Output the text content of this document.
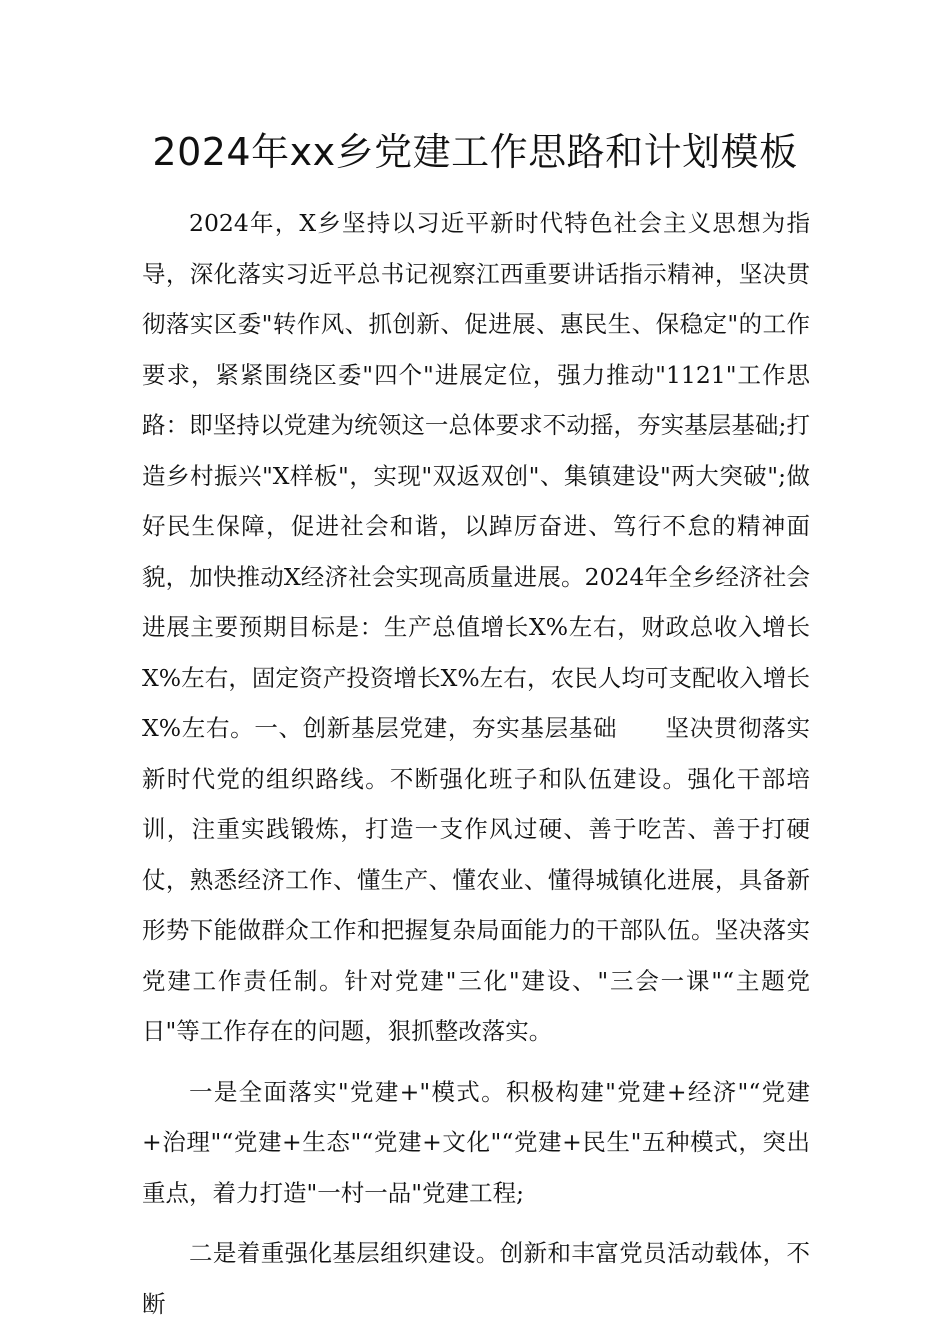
2024年xx乡党建工作思路和计划模板

2024年，X乡坚持以习近平新时代特色社会主义思想为指导，深化落实习近平总书记视察江西重要讲话指示精神，坚决贯彻落实区委"转作风、抓创新、促进展、惠民生、保稳定"的工作要求，紧紧围绕区委"四个"进展定位，强力推动"1121"工作思路：即坚持以党建为统领这一总体要求不动摇，夯实基层基础;打造乡村振兴"X样板"，实现"双返双创"、集镇建设"两大突破";做好民生保障，促进社会和谐，以踔厉奋进、笃行不怠的精神面貌，加快推动X经济社会实现高质量进展。2024年全乡经济社会进展主要预期目标是：生产总值增长X%左右，财政总收入增长X%左右，固定资产投资增长X%左右，农民人均可支配收入增长X%左右。一、创新基层党建，夯实基层基础　　坚决贯彻落实新时代党的组织路线。不断强化班子和队伍建设。强化干部培训，注重实践锻炼，打造一支作风过硬、善于吃苦、善于打硬仗，熟悉经济工作、懂生产、懂农业、懂得城镇化进展，具备新形势下能做群众工作和把握复杂局面能力的干部队伍。坚决落实党建工作责任制。针对党建"三化"建设、"三会一课"“主题党日"等工作存在的问题，狠抓整改落实。

一是全面落实"党建+"模式。积极构建"党建+经济"“党建+治理"“党建+生态"“党建+文化"“党建+民生"五种模式，突出重点，着力打造"一村一品"党建工程;

二是着重强化基层组织建设。创新和丰富党员活动载体，不断
